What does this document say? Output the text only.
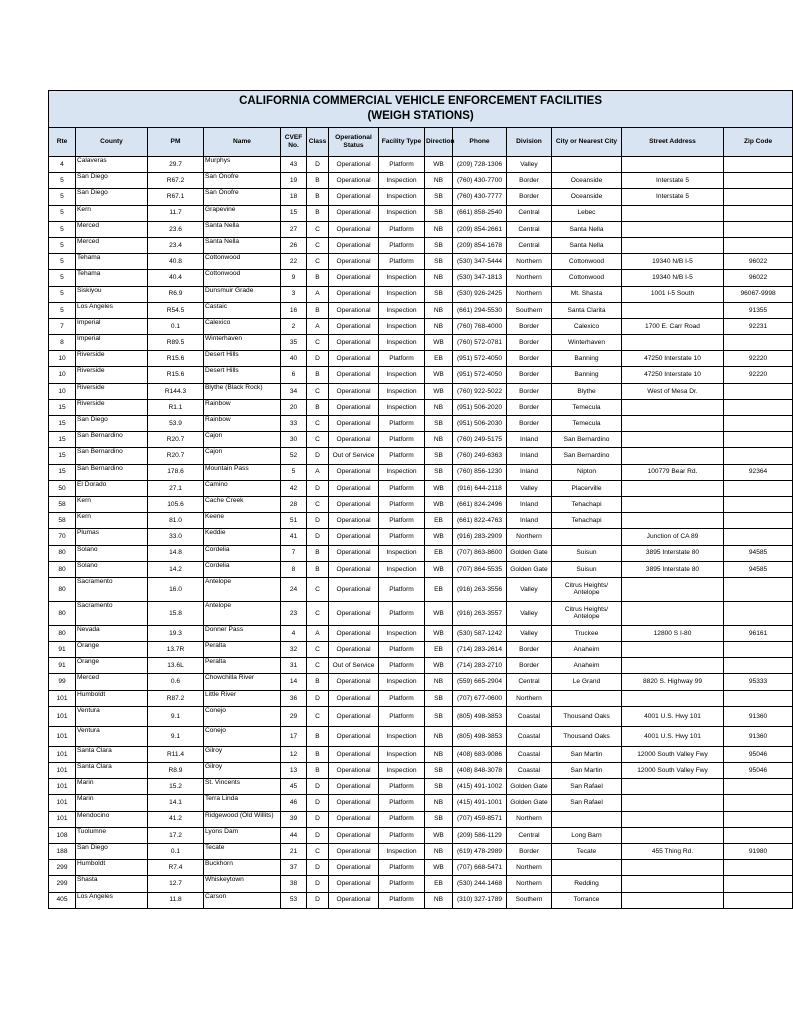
CALIFORNIA COMMERCIAL VEHICLE ENFORCEMENT FACILITIES
(WEIGH STATIONS)													

Rte	County	PM	Name	CVEF No.	Class	Operational Status	Facility Type	Direction	Phone	Division	City or Nearest City	Street Address	Zip Code
4	Calaveras	29.7	Murphys	43	D	Operational	Platform	WB	(209) 728-1306	Valley			
5	San Diego	R67.2	San Onofre	19	B	Operational	Inspection	NB	(760) 430-7700	Border	Oceanside	Interstate 5	
5	San Diego	R67.1	San Onofre	18	B	Operational	Inspection	SB	(760) 430-7777	Border	Oceanside	Interstate 5	
5	Kern	11.7	Grapevine	15	B	Operational	Inspection	SB	(661) 858-2540	Central	Lebec		
5	Merced	23.6	Santa Nella	27	C	Operational	Platform	NB	(209) 854-2661	Central	Santa Nella		
5	Merced	23.4	Santa Nella	26	C	Operational	Platform	SB	(209) 854-1678	Central	Santa Nella		
5	Tehama	40.8	Cottonwood	22	C	Operational	Platform	SB	(530) 347-5444	Northern	Cottonwood	19340 N/B I-5	96022
5	Tehama	40.4	Cottonwood	9	B	Operational	Inspection	NB	(530) 347-1813	Northern	Cottonwood	19340 N/B I-5	96022
5	Siskiyou	R6.9	Dunsmuir Grade	3	A	Operational	Inspection	SB	(530) 926-2425	Northern	Mt. Shasta	1001 I-5 South	96067-9998
5	Los Angeles	R54.5	Castaic	16	B	Operational	Inspection	NB	(661) 294-5530	Southern	Santa Clarita		91355
7	Imperial	0.1	Calexico	2	A	Operational	Inspection	NB	(760) 768-4000	Border	Calexico	1700 E. Carr Road	92231
8	Imperial	R89.5	Winterhaven	35	C	Operational	Inspection	WB	(760) 572-0781	Border	Winterhaven		
10	Riverside	R15.6	Desert Hills	40	D	Operational	Platform	EB	(951) 572-4050	Border	Banning	47250 Interstate 10	92220
10	Riverside	R15.6	Desert Hills	6	B	Operational	Inspection	WB	(951) 572-4050	Border	Banning	47250 Interstate 10	92220
10	Riverside	R144.3	Blythe (Black Rock)	34	C	Operational	Inspection	WB	(760) 922-5022	Border	Blythe	West of Mesa Dr.	
15	Riverside	R1.1	Rainbow	20	B	Operational	Inspection	NB	(951) 506-2020	Border	Temecula		
15	San Diego	53.9	Rainbow	33	C	Operational	Platform	SB	(951) 506-2030	Border	Temecula		
15	San Bernardino	R20.7	Cajon	30	C	Operational	Platform	NB	(760) 249-5175	Inland	San Bernardino		
15	San Bernardino	R20.7	Cajon	52	D	Out of Service	Platform	SB	(760) 249-6363	Inland	San Bernardino		
15	San Bernardino	178.6	Mountain Pass	5	A	Operational	Inspection	SB	(760) 856-1230	Inland	Nipton	100779 Bear Rd.	92364
50	El Dorado	27.1	Camino	42	D	Operational	Platform	WB	(916) 644-2118	Valley	Placerville		
58	Kern	105.6	Cache Creek	28	C	Operational	Platform	WB	(661) 824-2496	Inland	Tehachapi		
58	Kern	81.0	Keene	51	D	Operational	Platform	EB	(661) 822-4763	Inland	Tehachapi		
70	Plumas	33.0	Keddie	41	D	Operational	Platform	WB	(916) 283-2909	Northern		Junction of CA 89	
80	Solano	14.8	Cordelia	7	B	Operational	Inspection	EB	(707) 863-8600	Golden Gate	Suisun	3895 Interstate 80	94585
80	Solano	14.2	Cordelia	8	B	Operational	Inspection	WB	(707) 864-5535	Golden Gate	Suisun	3895 Interstate 80	94585
80	Sacramento	16.0	Antelope	24	C	Operational	Platform	EB	(916) 263-3556	Valley	Citrus Heights/ Antelope		
80	Sacramento	15.8	Antelope	23	C	Operational	Platform	WB	(916) 263-3557	Valley	Citrus Heights/ Antelope		
80	Nevada	19.3	Donner Pass	4	A	Operational	Inspection	WB	(530) 587-1242	Valley	Truckee	12800 S I-80	96161
91	Orange	13.7R	Peralta	32	C	Operational	Platform	EB	(714) 283-2614	Border	Anaheim		
91	Orange	13.6L	Peralta	31	C	Out of Service	Platform	WB	(714) 283-2710	Border	Anaheim		
99	Merced	0.6	Chowchilla River	14	B	Operational	Inspection	NB	(559) 665-2904	Central	Le Grand	8820 S. Highway 99	95333
101	Humboldt	R87.2	Little River	36	D	Operational	Platform	SB	(707) 677-0600	Northern			
101	Ventura	9.1	Conejo	29	C	Operational	Platform	SB	(805) 498-3853	Coastal	Thousand Oaks	4001 U.S. Hwy 101	91360
101	Ventura	9.1	Conejo	17	B	Operational	Inspection	NB	(805) 498-3853	Coastal	Thousand Oaks	4001 U.S. Hwy 101	91360
101	Santa Clara	R11.4	Gilroy	12	B	Operational	Inspection	NB	(408) 683-9086	Coastal	San Martin	12000 South Valley Fwy	95046
101	Santa Clara	R8.9	Gilroy	13	B	Operational	Inspection	SB	(408) 848-3078	Coastal	San Martin	12000 South Valley Fwy	95046
101	Marin	15.2	St. Vincents	45	D	Operational	Platform	SB	(415) 491-1002	Golden Gate	San Rafael		
101	Marin	14.1	Terra Linda	46	D	Operational	Platform	NB	(415) 491-1001	Golden Gate	San Rafael		
101	Mendocino	41.2	Ridgewood (Old Willits)	39	D	Operational	Platform	SB	(707) 459-8571	Northern			
108	Tuolumne	17.2	Lyons Dam	44	D	Operational	Platform	WB	(209) 586-1129	Central	Long Barn		
188	San Diego	0.1	Tecate	21	C	Operational	Inspection	NB	(619) 478-2989	Border	Tecate	455 Thing Rd.	91980
299	Humboldt	R7.4	Buckhorn	37	D	Operational	Platform	WB	(707) 668-5471	Northern			
299	Shasta	12.7	Whiskeytown	38	D	Operational	Platform	EB	(530) 244-1468	Northern	Redding		
405	Los Angeles	11.8	Carson	53	D	Operational	Platform	NB	(310) 327-1789	Southern	Torrance		
